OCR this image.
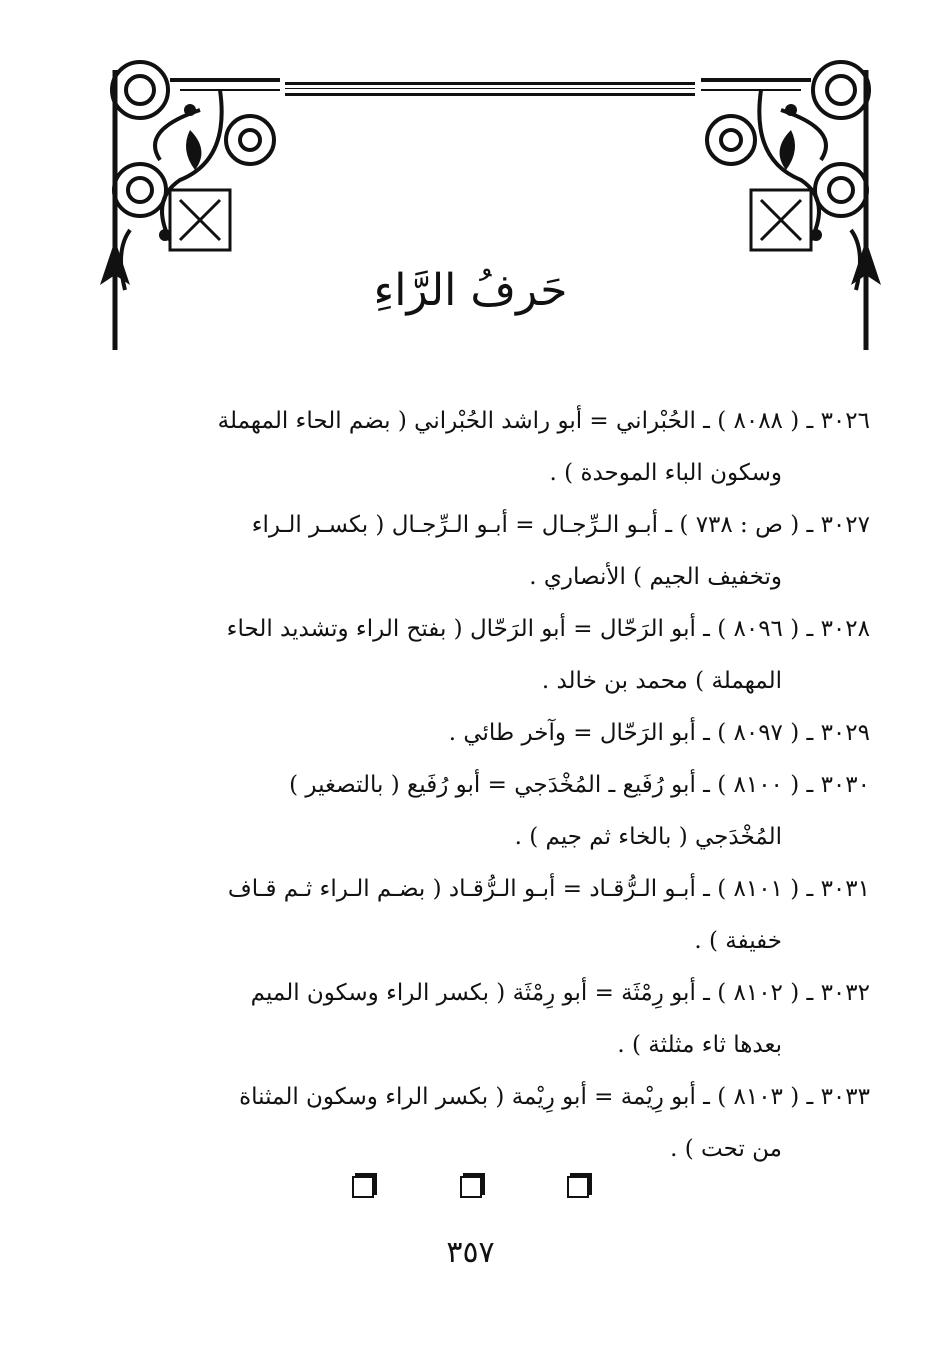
حَرفُ الرَّاءِ

٣٠٢٦ ـ ( ٨٠٨٨ ) ـ الحُبْراني = أبو راشد الحُبْراني ( بضم الحاء المهملة
وسكون الباء الموحدة ) .

٣٠٢٧ ـ ( ص : ٧٣٨ ) ـ أبـو الـرِّجـال = أبـو الـرِّجـال ( بكسـر الـراء
وتخفيف الجيم ) الأنصاري .

٣٠٢٨ ـ ( ٨٠٩٦ ) ـ أبو الرَحّال = أبو الرَحّال ( بفتح الراء وتشديد الحاء
المهملة ) محمد بن خالد .

٣٠٢٩ ـ ( ٨٠٩٧ ) ـ أبو الرَحّال = وآخر طائي .

٣٠٣٠ ـ ( ٨١٠٠ ) ـ أبو رُفَيع ـ المُخْدَجي = أبو رُفَيع ( بالتصغير )
المُخْدَجي ( بالخاء ثم جيم ) .

٣٠٣١ ـ ( ٨١٠١ ) ـ أبـو الـرُّقـاد = أبـو الـرُّقـاد ( بضـم الـراء ثـم قـاف
خفيفة ) .

٣٠٣٢ ـ ( ٨١٠٢ ) ـ أبو رِمْثَة = أبو رِمْثَة ( بكسر الراء وسكون الميم
بعدها ثاء مثلثة ) .

٣٠٣٣ ـ ( ٨١٠٣ ) ـ أبو رِيْمة = أبو رِيْمة ( بكسر الراء وسكون المثناة
من تحت ) .

٣٥٧
